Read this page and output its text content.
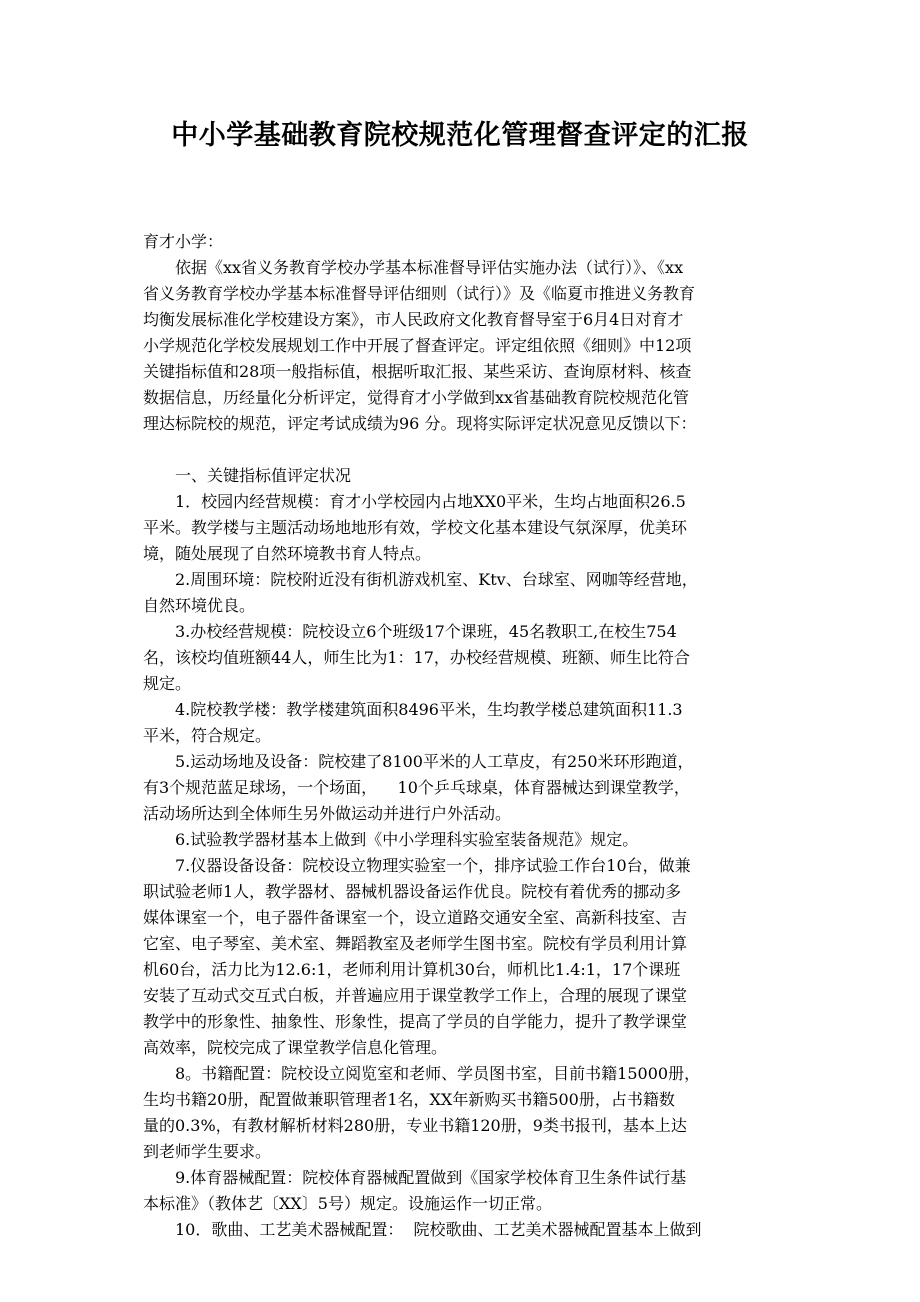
中小学基础教育院校规范化管理督查评定的汇报
育才小学：
依据《xx省义务教育学校办学基本标准督导评估实施办法（试行）》、《xx
省义务教育学校办学基本标准督导评估细则（试行）》及《临夏市推进义务教育
均衡发展标准化学校建设方案》，市人民政府文化教育督导室于6月4日对育才
小学规范化学校发展规划工作中开展了督查评定。评定组依照《细则》中12项
关键指标值和28项一般指标值，根据听取汇报、某些采访、查询原材料、核查
数据信息，历经量化分析评定，觉得育才小学做到xx省基础教育院校规范化管
理达标院校的规范，评定考试成绩为96 分。现将实际评定状况意见反馈以下：
一、关键指标值评定状况
1．校园内经营规模：育才小学校园内占地XX0平米，生均占地面积26.5
平米。教学楼与主题活动场地地形有效，学校文化基本建设气氛深厚，优美环
境，随处展现了自然环境教书育人特点。
2.周围环境：院校附近没有街机游戏机室、Ktv、台球室、网咖等经营地，
自然环境优良。
3.办校经营规模：院校设立6个班级17个课班，45名教职工,在校生754
名，该校均值班额44人，师生比为1：17，办校经营规模、班额、师生比符合
规定。
4.院校教学楼：教学楼建筑面积8496平米，生均教学楼总建筑面积11.3
平米，符合规定。
5.运动场地及设备：院校建了8100平米的人工草皮，有250米环形跑道，
有3个规范蓝足球场，一个场面，    10个乒乓球桌，体育器械达到课堂教学，
活动场所达到全体师生另外做运动并进行户外活动。
6.试验教学器材基本上做到《中小学理科实验室装备规范》规定。
7.仪器设备设备：院校设立物理实验室一个，排序试验工作台10台，做兼
职试验老师1人，教学器材、器械机器设备运作优良。院校有着优秀的挪动多
媒体课室一个，电子器件备课室一个，设立道路交通安全室、高新科技室、吉
它室、电子琴室、美术室、舞蹈教室及老师学生图书室。院校有学员利用计算
机60台，活力比为12.6:1，老师利用计算机30台，师机比1.4:1，17个课班
安装了互动式交互式白板，并普遍应用于课堂教学工作上，合理的展现了课堂
教学中的形象性、抽象性、形象性，提高了学员的自学能力，提升了教学课堂
高效率，院校完成了课堂教学信息化管理。
8。书籍配置：院校设立阅览室和老师、学员图书室，目前书籍15000册，
生均书籍20册，配置做兼职管理者1名，XX年新购买书籍500册，占书籍数
量的0.3%，有教材解析材料280册，专业书籍120册，9类书报刊，基本上达
到老师学生要求。
9.体育器械配置：院校体育器械配置做到《国家学校体育卫生条件试行基
本标准》（教体艺〔XX〕5号）规定。设施运作一切正常。
10．歌曲、工艺美术器械配置：  院校歌曲、工艺美术器械配置基本上做到
